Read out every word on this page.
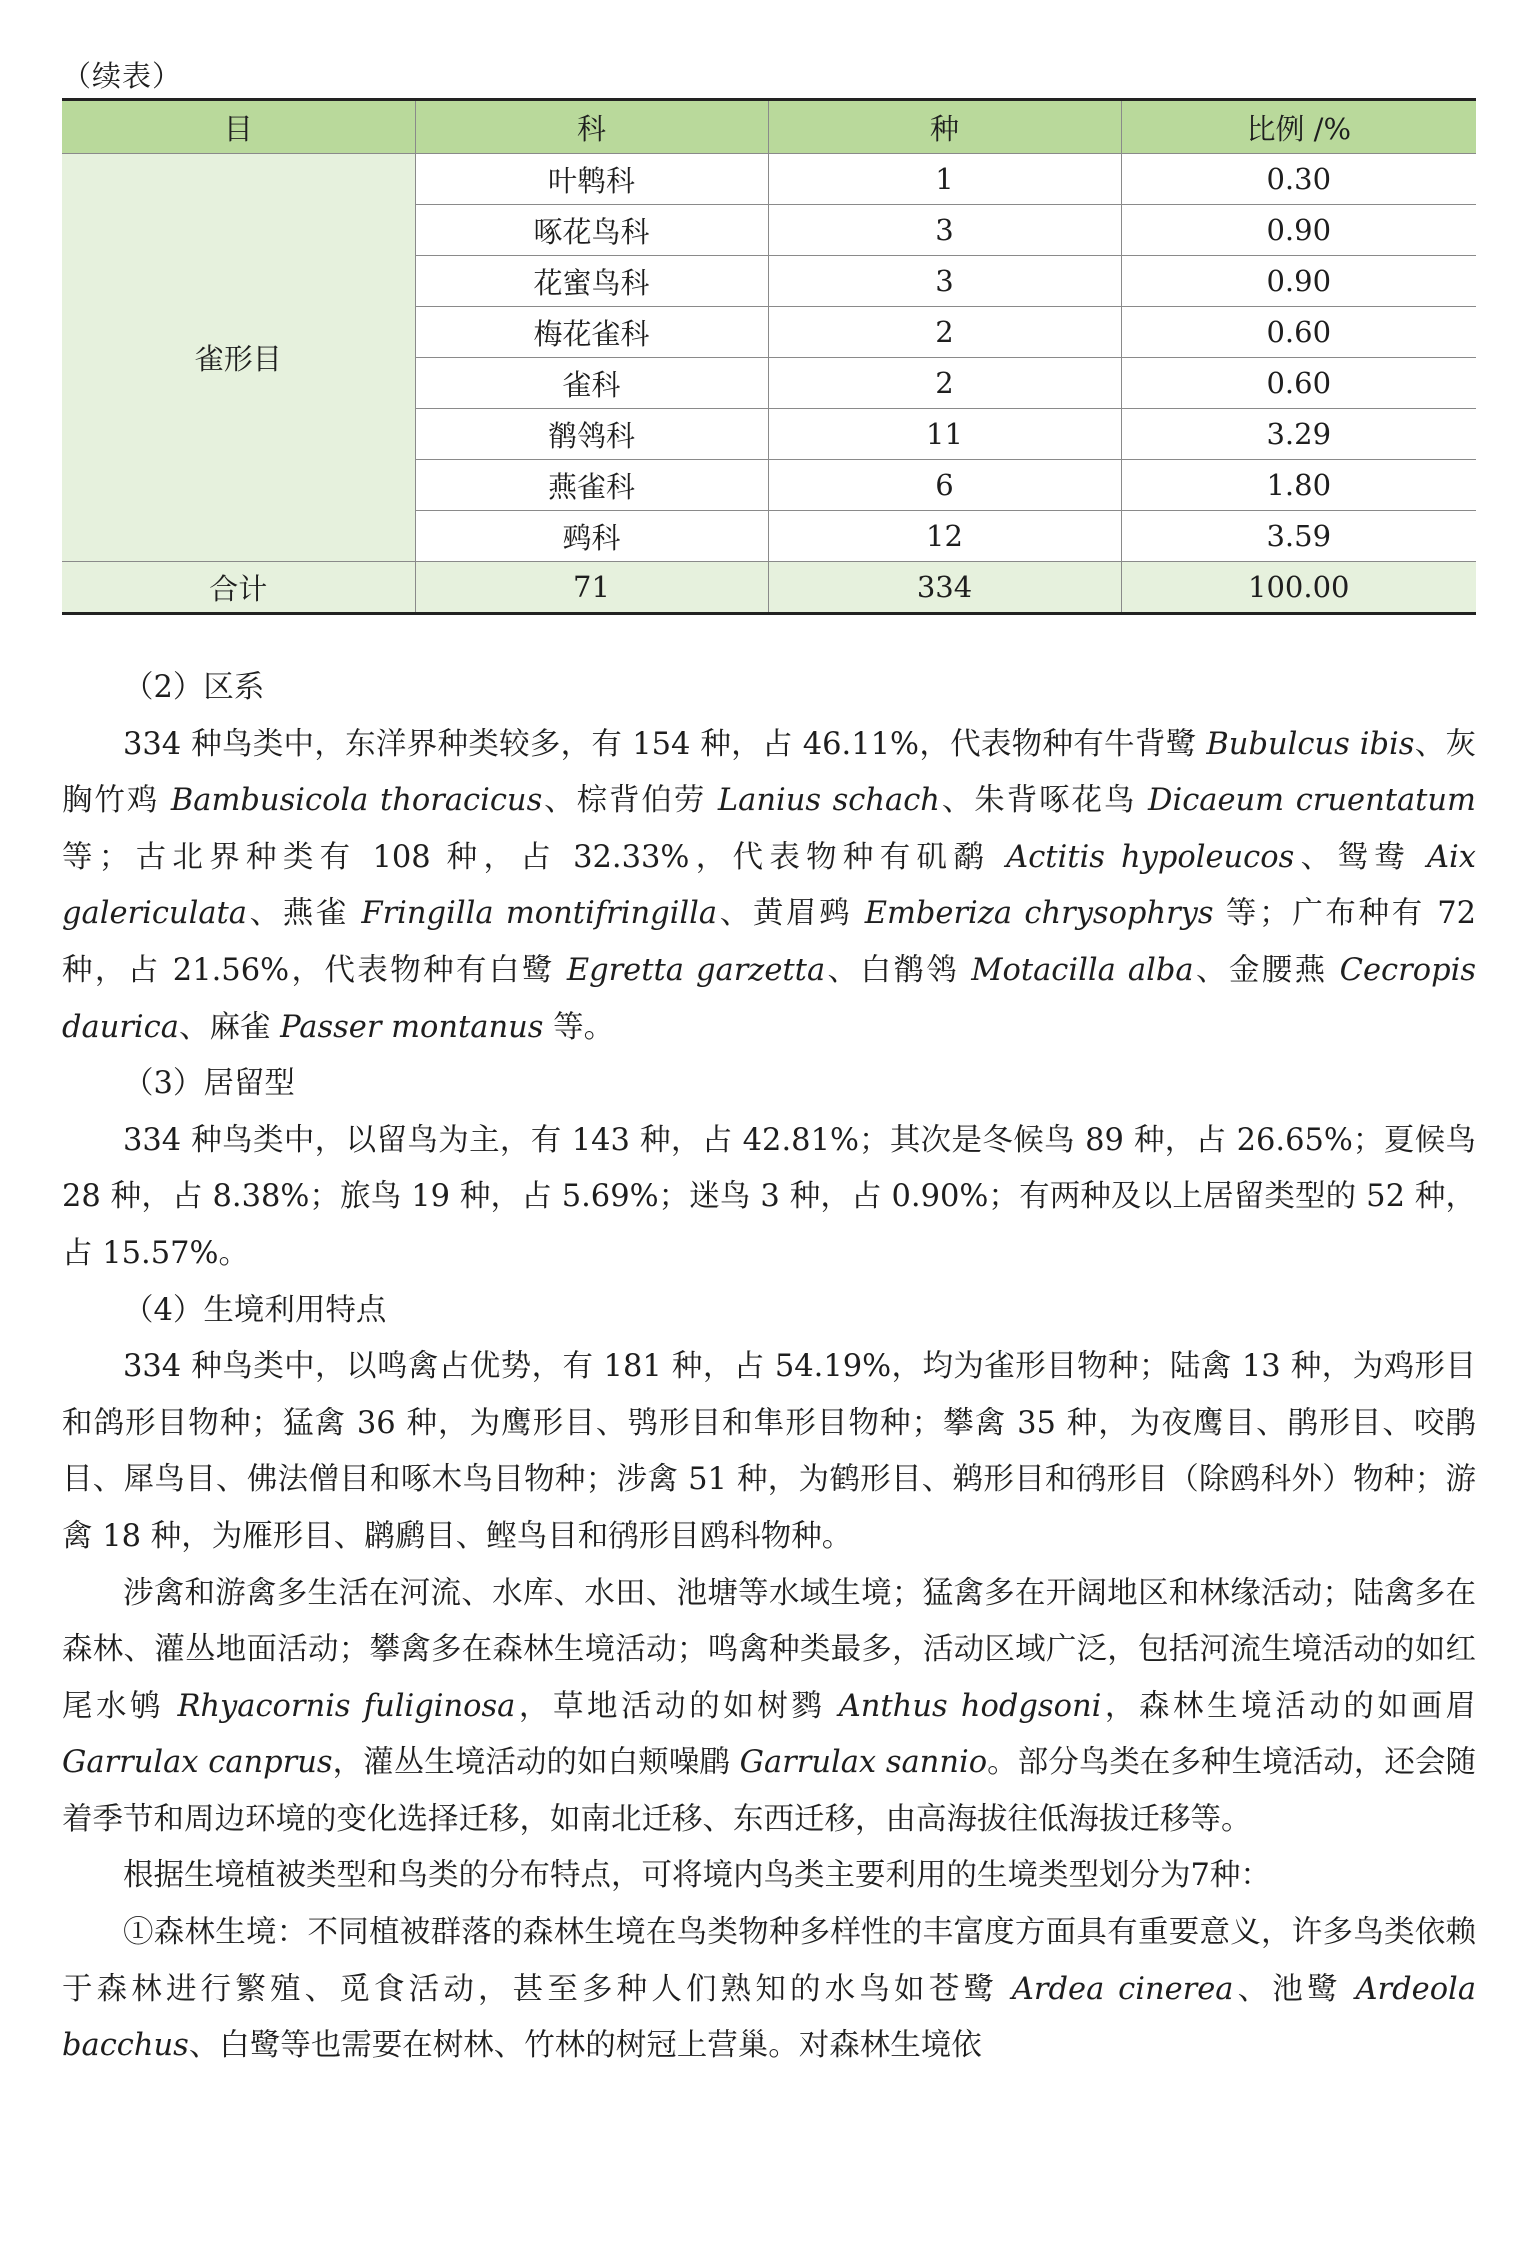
（续表）
目	科	种	比例 /%
雀形目	叶鹎科	1	0.30
	啄花鸟科	3	0.90
	花蜜鸟科	3	0.90
	梅花雀科	2	0.60
	雀科	2	0.60
	鹡鸰科	11	3.29
	燕雀科	6	1.80
	鹀科	12	3.59
合计	71	334	100.00

（2）区系

334 种鸟类中，东洋界种类较多，有 154 种，占 46.11%，代表物种有牛背鹭 Bubulcus ibis、灰胸竹鸡 Bambusicola thoracicus、棕背伯劳 Lanius schach、朱背啄花鸟 Dicaeum cruentatum 等；古北界种类有 108 种，占 32.33%，代表物种有矶鹬 Actitis hypoleucos、鸳鸯 Aix galericulata、燕雀 Fringilla montifringilla、黄眉鹀 Emberiza chrysophrys 等；广布种有 72 种，占 21.56%，代表物种有白鹭 Egretta garzetta、白鹡鸰 Motacilla alba、金腰燕 Cecropis daurica、麻雀 Passer montanus 等。

（3）居留型

334 种鸟类中，以留鸟为主，有 143 种，占 42.81%；其次是冬候鸟 89 种，占 26.65%；夏候鸟 28 种，占 8.38%；旅鸟 19 种，占 5.69%；迷鸟 3 种，占 0.90%；有两种及以上居留类型的 52 种，占 15.57%。

（4）生境利用特点

334 种鸟类中，以鸣禽占优势，有 181 种，占 54.19%，均为雀形目物种；陆禽 13 种，为鸡形目和鸽形目物种；猛禽 36 种，为鹰形目、鸮形目和隼形目物种；攀禽 35 种，为夜鹰目、鹃形目、咬鹃目、犀鸟目、佛法僧目和啄木鸟目物种；涉禽 51 种，为鹤形目、鹈形目和鸻形目（除鸥科外）物种；游禽 18 种，为雁形目、䴙䴘目、鲣鸟目和鸻形目鸥科物种。

涉禽和游禽多生活在河流、水库、水田、池塘等水域生境；猛禽多在开阔地区和林缘活动；陆禽多在森林、灌丛地面活动；攀禽多在森林生境活动；鸣禽种类最多，活动区域广泛，包括河流生境活动的如红尾水鸲 Rhyacornis fuliginosa，草地活动的如树鹨 Anthus hodgsoni，森林生境活动的如画眉 Garrulax canprus，灌丛生境活动的如白颊噪鹛 Garrulax sannio。部分鸟类在多种生境活动，还会随着季节和周边环境的变化选择迁移，如南北迁移、东西迁移，由高海拔往低海拔迁移等。

根据生境植被类型和鸟类的分布特点，可将境内鸟类主要利用的生境类型划分为7种：

①森林生境：不同植被群落的森林生境在鸟类物种多样性的丰富度方面具有重要意义，许多鸟类依赖于森林进行繁殖、觅食活动，甚至多种人们熟知的水鸟如苍鹭 Ardea cinerea、池鹭 Ardeola bacchus、白鹭等也需要在树林、竹林的树冠上营巢。对森林生境依
